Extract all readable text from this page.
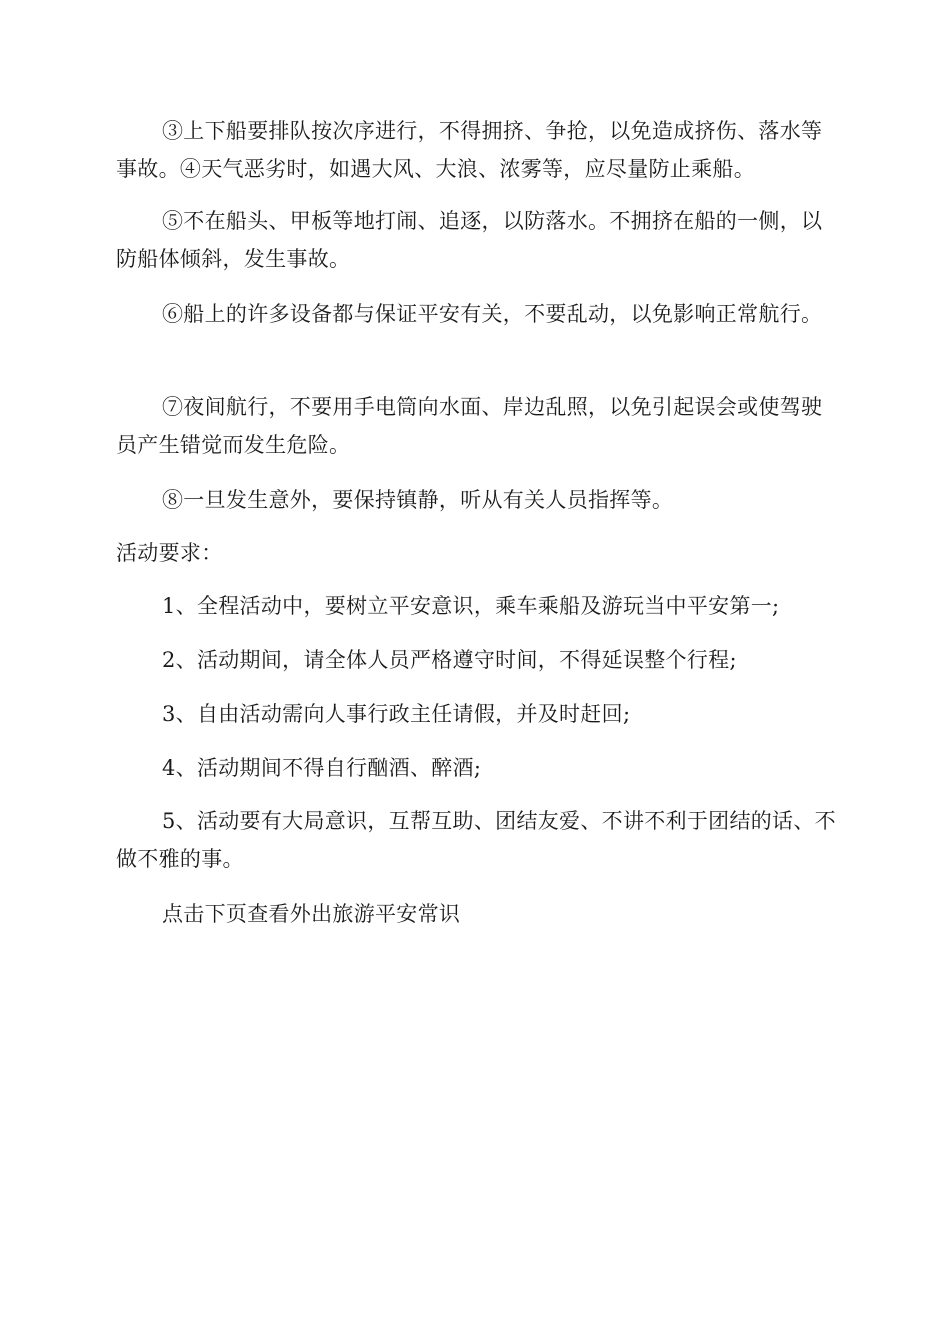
③上下船要排队按次序进行，不得拥挤、争抢，以免造成挤伤、落水等事故。④天气恶劣时，如遇大风、大浪、浓雾等，应尽量防止乘船。

⑤不在船头、甲板等地打闹、追逐，以防落水。不拥挤在船的一侧，以防船体倾斜，发生事故。

⑥船上的许多设备都与保证平安有关，不要乱动，以免影响正常航行。

⑦夜间航行，不要用手电筒向水面、岸边乱照，以免引起误会或使驾驶员产生错觉而发生危险。

⑧一旦发生意外，要保持镇静，听从有关人员指挥等。

活动要求：

1、全程活动中，要树立平安意识，乘车乘船及游玩当中平安第一;

2、活动期间，请全体人员严格遵守时间，不得延误整个行程;

3、自由活动需向人事行政主任请假，并及时赶回;

4、活动期间不得自行酗酒、醉酒;

5、活动要有大局意识，互帮互助、团结友爱、不讲不利于团结的话、不做不雅的事。

点击下页查看外出旅游平安常识
